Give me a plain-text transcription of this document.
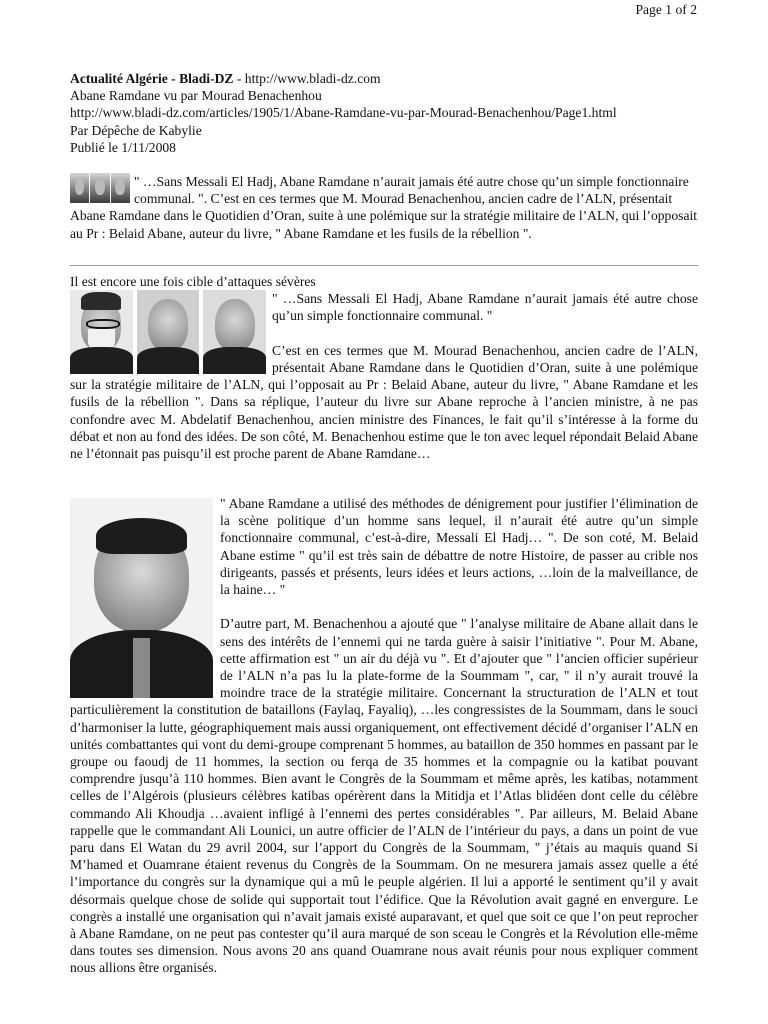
Page 1 of 2
Actualité Algérie - Bladi-DZ - http://www.bladi-dz.com
Abane Ramdane vu par Mourad Benachenhou
http://www.bladi-dz.com/articles/1905/1/Abane-Ramdane-vu-par-Mourad-Benachenhou/Page1.html
Par Dépêche de Kabylie
Publié le 1/11/2008
" …Sans Messali El Hadj, Abane Ramdane n’aurait jamais été autre chose qu’un simple fonctionnaire communal. ". C’est en ces termes que M. Mourad Benachenhou, ancien cadre de l’ALN, présentait Abane Ramdane dans le Quotidien d’Oran, suite à une polémique sur la stratégie militaire de l’ALN, qui l’opposait au Pr : Belaid Abane, auteur du livre, " Abane Ramdane et les fusils de la rébellion ".

Il est encore une fois cible d’attaques sévères

" …Sans Messali El Hadj, Abane Ramdane n’aurait jamais été autre chose qu’un simple fonctionnaire communal. "

C’est en ces termes que M. Mourad Benachenhou, ancien cadre de l’ALN, présentait Abane Ramdane dans le Quotidien d’Oran, suite à une polémique sur la stratégie militaire de l’ALN, qui l’opposait au Pr : Belaid Abane, auteur du livre, " Abane Ramdane et les fusils de la rébellion ". Dans sa réplique, l’auteur du livre sur Abane reproche à l’ancien ministre, à ne pas confondre avec M. Abdelatif Benachenhou, ancien ministre des Finances, le fait qu’il s’intéresse à la forme du débat et non au fond des idées. De son côté, M. Benachenhou estime que le ton avec lequel répondait Belaid Abane ne l’étonnait pas puisqu’il est proche parent de Abane Ramdane…

" Abane Ramdane a utilisé des méthodes de dénigrement pour justifier l’élimination de la scène politique d’un homme sans lequel, il n’aurait été autre qu’un simple fonctionnaire communal, c’est-à-dire, Messali El Hadj… ". De son coté, M. Belaid Abane estime " qu’il est très sain de débattre de notre Histoire, de passer au crible nos dirigeants, passés et présents, leurs idées et leurs actions, …loin de la malveillance, de la haine… "

D’autre part, M. Benachenhou a ajouté que " l’analyse militaire de Abane allait dans le sens des intérêts de l’ennemi qui ne tarda guère à saisir l’initiative ". Pour M. Abane, cette affirmation est " un air du déjà vu ". Et d’ajouter que " l’ancien officier supérieur de l’ALN n’a pas lu la plate-forme de la Soummam ", car, " il n’y aurait trouvé la moindre trace de la stratégie militaire. Concernant la structuration de l’ALN et tout particulièrement la constitution de bataillons (Faylaq, Fayaliq), …les congressistes de la Soummam, dans le souci d’harmoniser la lutte, géographiquement mais aussi organiquement, ont effectivement décidé d’organiser l’ALN en unités combattantes qui vont du demi-groupe comprenant 5 hommes, au bataillon de 350 hommes en passant par le groupe ou faoudj de 11 hommes, la section ou ferqa de 35 hommes et la compagnie ou la katibat pouvant comprendre jusqu’à 110 hommes. Bien avant le Congrès de la Soummam et même après, les katibas, notamment celles de l’Algérois (plusieurs célèbres katibas opérèrent dans la Mitidja et l’Atlas blidéen dont celle du célèbre commando Ali Khoudja …avaient infligé à l’ennemi des pertes considérables ". Par ailleurs, M. Belaid Abane rappelle que le commandant Ali Lounici, un autre officier de l’ALN de l’intérieur du pays, a dans un point de vue paru dans El Watan du 29 avril 2004, sur l’apport du Congrès de la Soummam, " j’étais au maquis quand Si M’hamed et Ouamrane étaient revenus du Congrès de la Soummam. On ne mesurera jamais assez quelle a été l’importance du congrès sur la dynamique qui a mû le peuple algérien. Il lui a apporté le sentiment qu’il y avait désormais quelque chose de solide qui supportait tout l’édifice. Que la Révolution avait gagné en envergure. Le congrès a installé une organisation qui n’avait jamais existé auparavant, et quel que soit ce que l’on peut reprocher à Abane Ramdane, on ne peut pas contester qu’il aura marqué de son sceau le Congrès et la Révolution elle-même dans toutes ses dimension. Nous avons 20 ans quand Ouamrane nous avait réunis pour nous expliquer comment nous allions être organisés.
